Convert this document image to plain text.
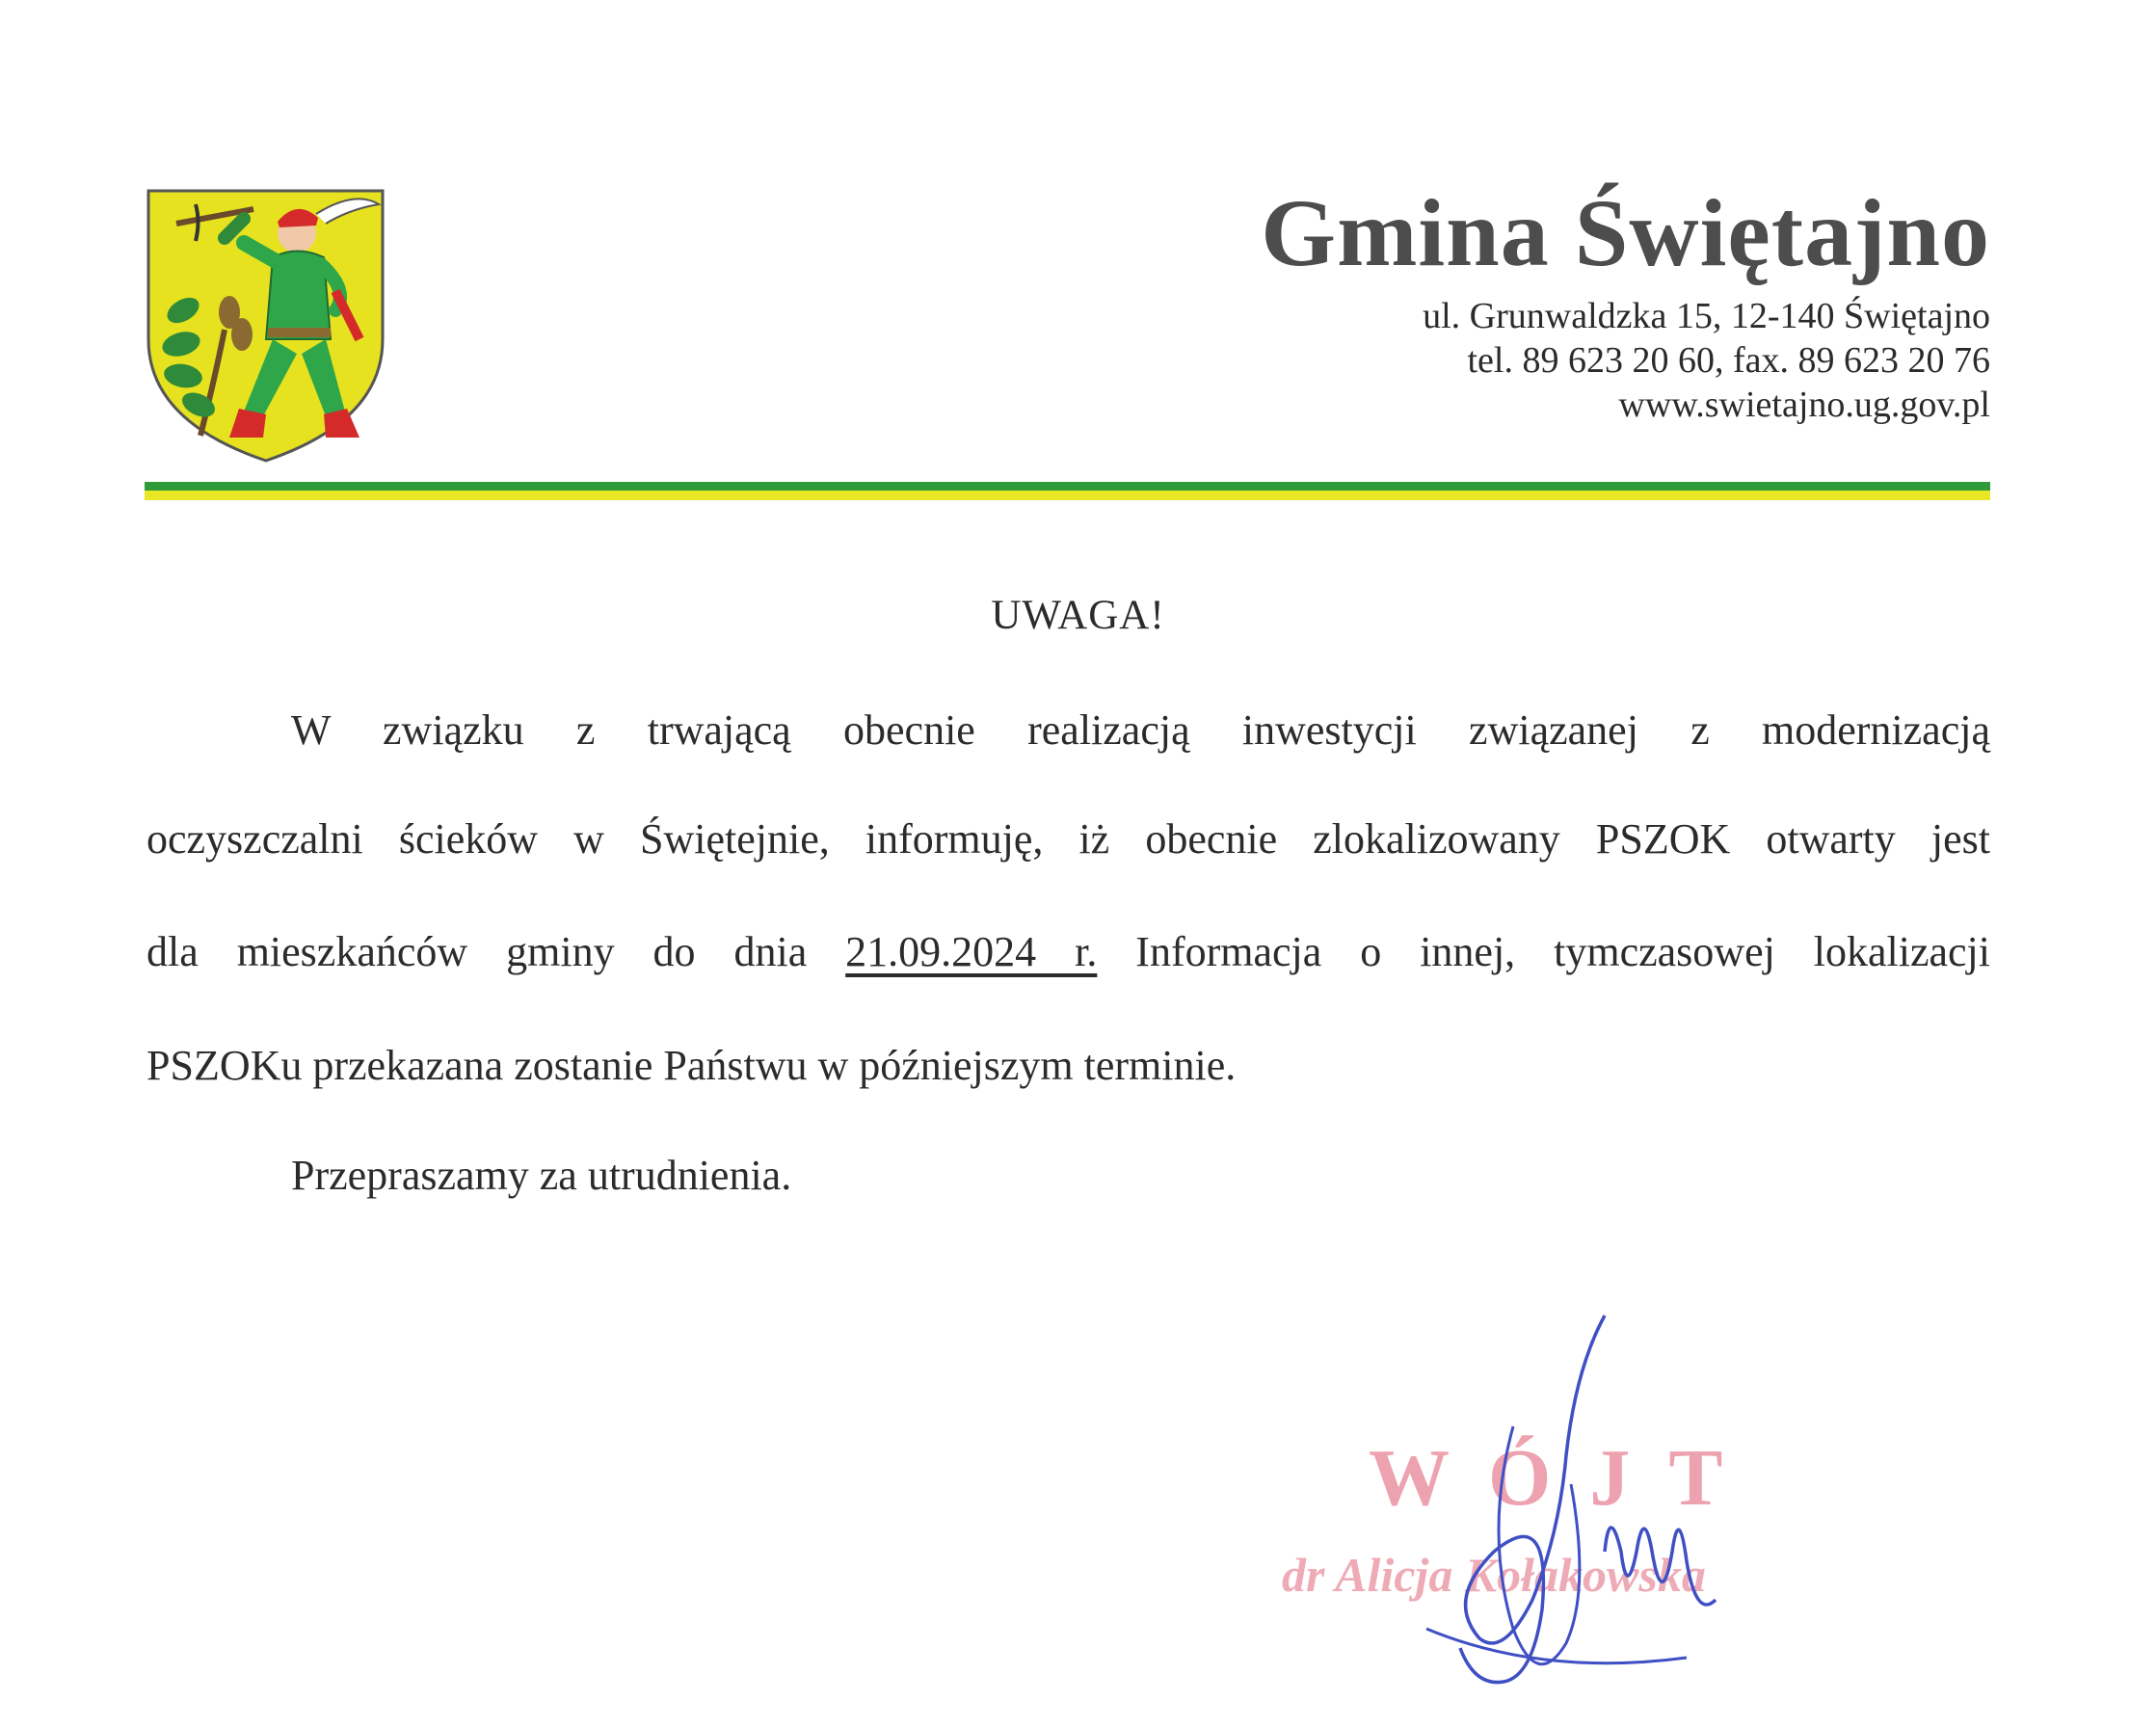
Gmina Świętajno
ul. Grunwaldzka 15, 12-140 Świętajno
tel. 89 623 20 60, fax. 89 623 20 76
www.swietajno.ug.gov.pl
UWAGA!

W związku z trwającą obecnie realizacją inwestycji związanej z modernizacją

oczyszczalni ścieków w Świętejnie, informuję, iż obecnie zlokalizowany PSZOK otwarty jest

dla mieszkańców gminy do dnia 21.09.2024 r. Informacja o innej, tymczasowej lokalizacji

PSZOKu przekazana zostanie Państwu w późniejszym terminie.

Przepraszamy za utrudnienia.
WÓJT
dr Alicja Kołakowska
